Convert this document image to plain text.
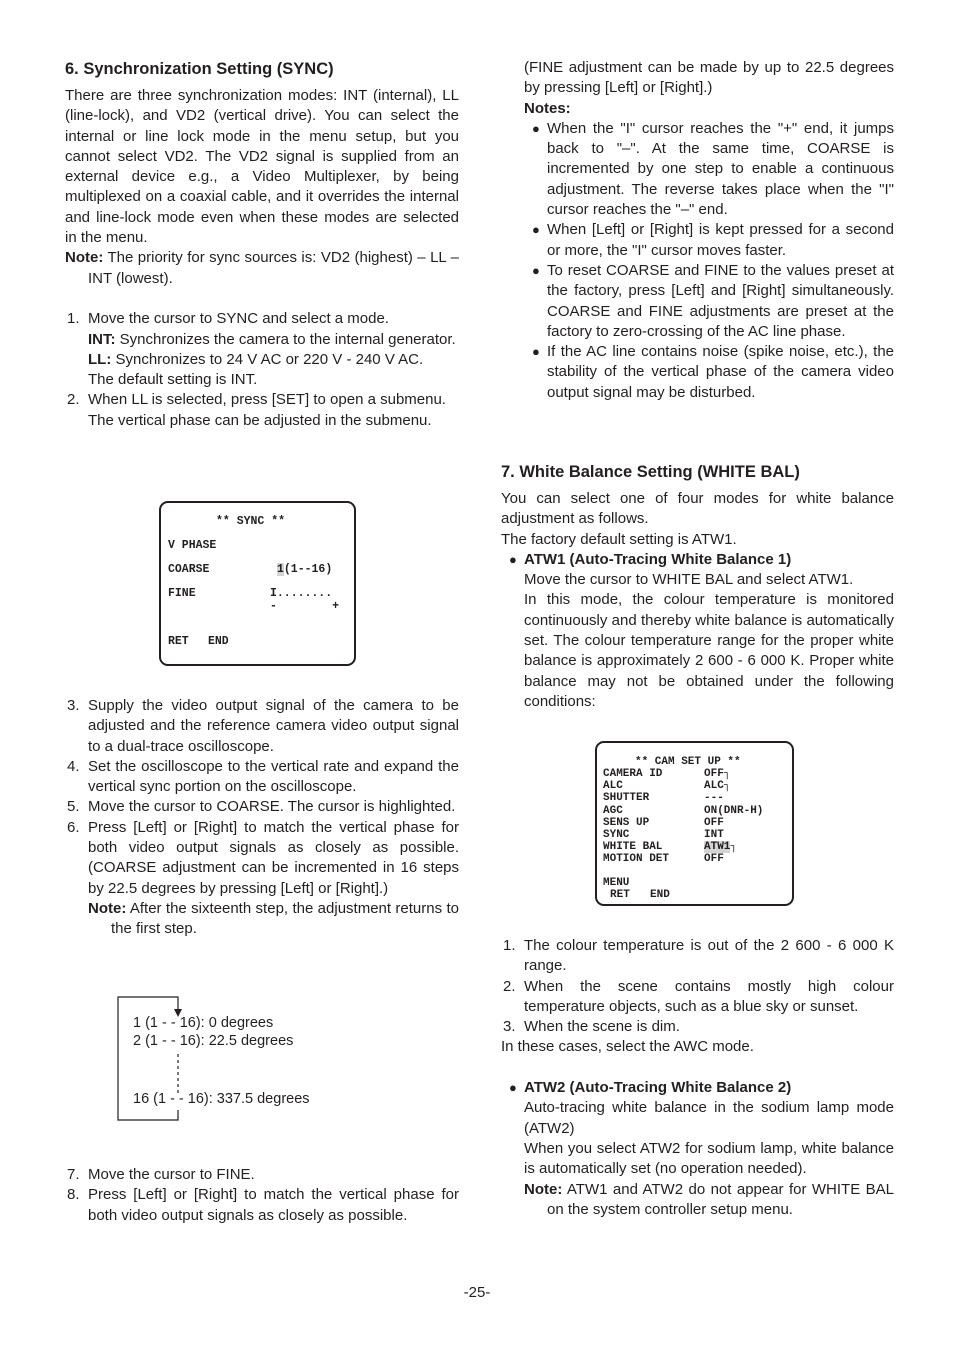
6. Synchronization Setting (SYNC)

There are three synchronization modes: INT (internal), LL (line-lock), and VD2 (vertical drive). You can select the internal or line lock mode in the menu setup, but you cannot select VD2. The VD2 signal is supplied from an external device e.g., a Video Multiplexer, by being multiplexed on a coaxial cable, and it overrides the internal and line-lock mode even when these modes are selected in the menu.

Note: The priority for sync sources is: VD2 (highest) – LL – INT (lowest).

1. Move the cursor to SYNC and select a mode.
INT: Synchronizes the camera to the internal generator.
LL: Synchronizes to 24 V AC or 220 V - 240 V AC.
The default setting is INT.
2. When LL is selected, press [SET] to open a submenu.
The vertical phase can be adjusted in the submenu.
** SYNC **
V PHASE
COARSE	1(1--16)
FINE	I........
-        +
RET END
3. Supply the video output signal of the camera to be adjusted and the reference camera video output signal to a dual-trace oscilloscope.
4. Set the oscilloscope to the vertical rate and expand the vertical sync portion on the oscilloscope.
5. Move the cursor to COARSE. The cursor is highlighted.
6. Press [Left] or [Right] to match the vertical phase for both video output signals as closely as possible. (COARSE adjustment can be incremented in 16 steps by 22.5 degrees by pressing [Left] or [Right].)
Note: After the sixteenth step, the adjustment returns to the first step.
1 (1 - - 16): 0 degrees
2 (1 - - 16): 22.5 degrees
16 (1 - - 16): 337.5 degrees
7. Move the cursor to FINE.
8. Press [Left] or [Right] to match the vertical phase for both video output signals as closely as possible.

(FINE adjustment can be made by up to 22.5 degrees by pressing [Left] or [Right].)

Notes:

● When the "I" cursor reaches the "+" end, it jumps back to "–". At the same time, COARSE is incremented by one step to enable a continuous adjustment. The reverse takes place when the "I" cursor reaches the "–" end.
● When [Left] or [Right] is kept pressed for a second or more, the "I" cursor moves faster.
● To reset COARSE and FINE to the values preset at the factory, press [Left] and [Right] simultaneously. COARSE and FINE adjustments are preset at the factory to zero-crossing of the AC line phase.
● If the AC line contains noise (spike noise, etc.), the stability of the vertical phase of the camera video output signal may be disturbed.
7. White Balance Setting (WHITE BAL)

You can select one of four modes for white balance adjustment as follows.

The factory default setting is ATW1.

● ATW1 (Auto-Tracing White Balance 1)
Move the cursor to WHITE BAL and select ATW1.
In this mode, the colour temperature is monitored continuously and thereby white balance is automatically set. The colour temperature range for the proper white balance is approximately 2 600 - 6 000 K. Proper white balance may not be obtained under the following conditions:
** CAM SET UP **
CAMERA ID	OFF┐
ALC	ALC┐
SHUTTER	---
AGC	ON(DNR-H)
SENS UP	OFF
SYNC	INT
WHITE BAL	ATW1┐
MOTION DET	OFF
MENU
RET END
1. The colour temperature is out of the 2 600 - 6 000 K range.
2. When the scene contains mostly high colour temperature objects, such as a blue sky or sunset.
3. When the scene is dim.

In these cases, select the AWC mode.

● ATW2 (Auto-Tracing White Balance 2)
Auto-tracing white balance in the sodium lamp mode (ATW2)
When you select ATW2 for sodium lamp, white balance is automatically set (no operation needed).
Note: ATW1 and ATW2 do not appear for WHITE BAL on the system controller setup menu.
-25-
